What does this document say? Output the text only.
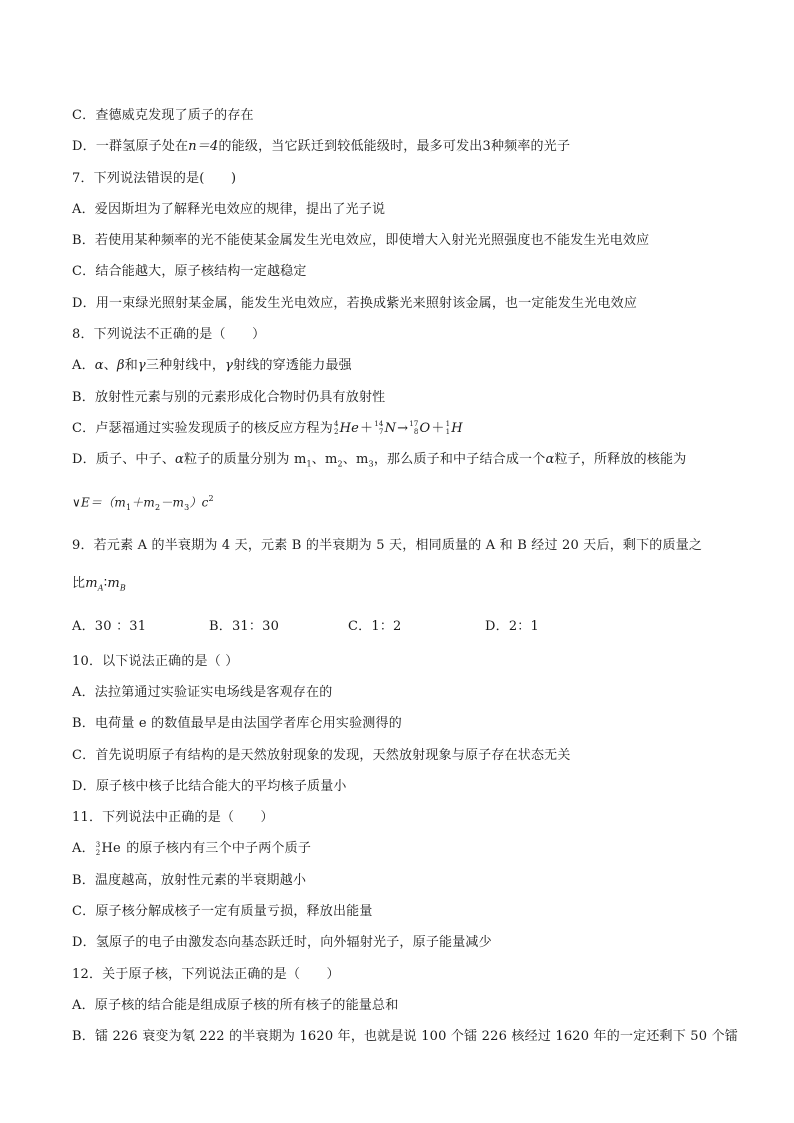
C．查德威克发现了质子的存在
D．一群氢原子处在n＝4的能级，当它跃迁到较低能级时，最多可发出3种频率的光子
7．下列说法错误的是(　　)
A．爱因斯坦为了解释光电效应的规律，提出了光子说
B．若使用某种频率的光不能使某金属发生光电效应，即使增大入射光光照强度也不能发生光电效应
C．结合能越大，原子核结构一定越稳定
D．用一束绿光照射某金属，能发生光电效应，若换成紫光来照射该金属，也一定能发生光电效应
8．下列说法不正确的是（　　）
A．α、β和γ三种射线中，γ射线的穿透能力最强
B．放射性元素与别的元素形成化合物时仍具有放射性
C．卢瑟福通过实验发现质子的核反应方程为 4
2 He＋ 14
7 N→ 17
8 O＋ 1
1 H
D．质子、中子、α粒子的质量分别为 $m_1$、$m_2$、$m_3$，那么质子和中子结合成一个α粒子，所释放的核能为
$\vee E=(m_1+m_2-m_3)c^2$
9．若元素 A 的半衰期为 4 天，元素 B 的半衰期为 5 天，相同质量的 A 和 B 经过 20 天后，剩下的质量之
比$m_A∶m_B$
A．30 ：31	B．31：30	C．1：2	D．2：1
10．以下说法正确的是（ ）
A．法拉第通过实验证实电场线是客观存在的
B．电荷量 e 的数值最早是由法国学者库仑用实验测得的
C．首先说明原子有结构的是天然放射现象的发现，天然放射现象与原子存在状态无关
D．原子核中核子比结合能大的平均核子质量小
11．下列说法中正确的是（　　）
A． 3
2 He 的原子核内有三个中子两个质子
B．温度越高，放射性元素的半衰期越小
C．原子核分解成核子一定有质量亏损，释放出能量
D．氢原子的电子由激发态向基态跃迁时，向外辐射光子，原子能量减少
12．关于原子核，下列说法正确的是（　　）
A．原子核的结合能是组成原子核的所有核子的能量总和
B．镭 226 衰变为氡 222 的半衰期为 1620 年，也就是说 100 个镭 226 核经过 1620 年的一定还剩下 50 个镭
